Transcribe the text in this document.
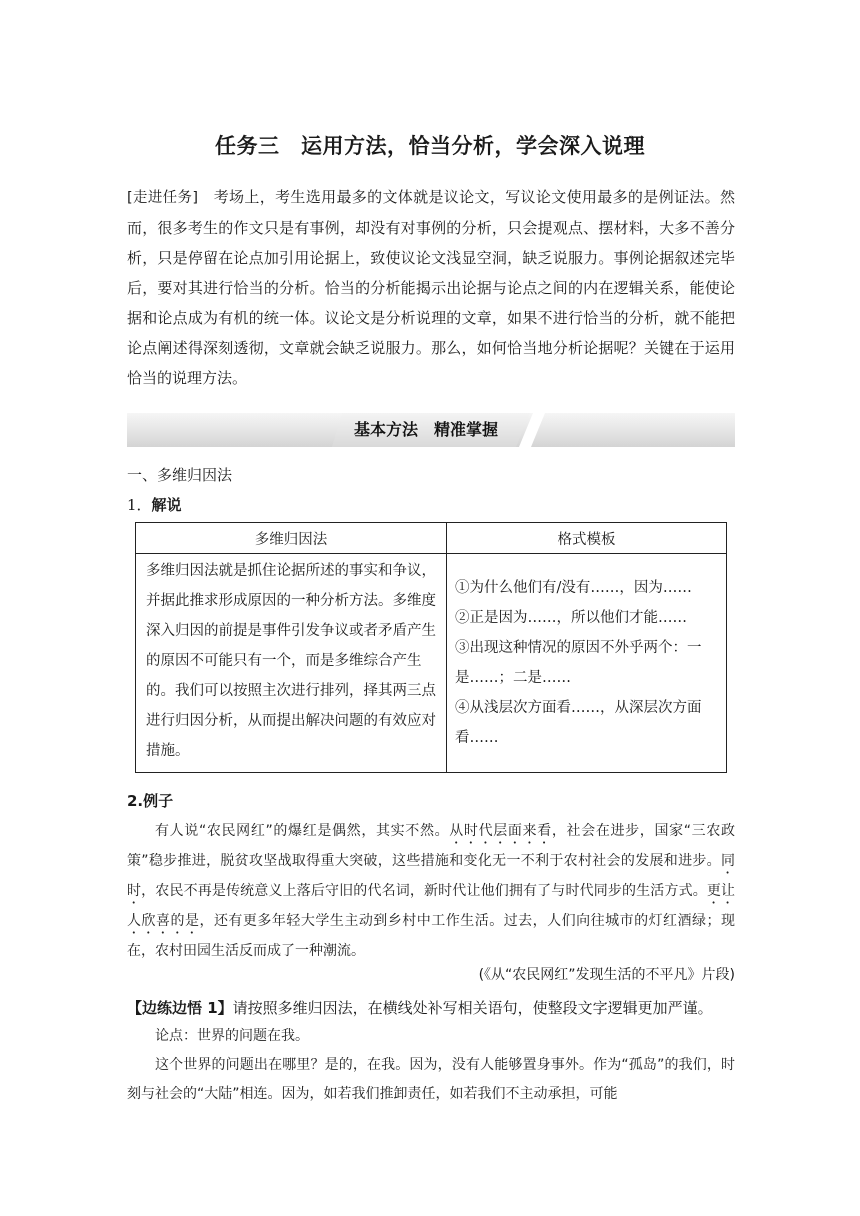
任务三　运用方法，恰当分析，学会深入说理
[走进任务]　考场上，考生选用最多的文体就是议论文，写议论文使用最多的是例证法。然而，很多考生的作文只是有事例，却没有对事例的分析，只会提观点、摆材料，大多不善分析，只是停留在论点加引用论据上，致使议论文浅显空洞，缺乏说服力。事例论据叙述完毕后，要对其进行恰当的分析。恰当的分析能揭示出论据与论点之间的内在逻辑关系，能使论据和论点成为有机的统一体。议论文是分析说理的文章，如果不进行恰当的分析，就不能把论点阐述得深刻透彻，文章就会缺乏说服力。那么，如何恰当地分析论据呢？关键在于运用恰当的说理方法。
基本方法　精准掌握
一、多维归因法
1．解说
多维归因法	格式模板
多维归因法就是抓住论据所述的事实和争议，并据此推求形成原因的一种分析方法。多维度深入归因的前提是事件引发争议或者矛盾产生的原因不可能只有一个，而是多维综合产生的。我们可以按照主次进行排列，择其两三点进行归因分析，从而提出解决问题的有效应对措施。	①为什么他们有/没有……，因为……
②正是因为……，所以他们才能……
③出现这种情况的原因不外乎两个：一是……；二是……
④从浅层次方面看……，从深层次方面看……
2.例子

有人说“农民网红”的爆红是偶然，其实不然。从时代层面来看，社会在进步，国家“三农政策”稳步推进，脱贫攻坚战取得重大突破，这些措施和变化无一不利于农村社会的发展和进步。同时，农民不再是传统意义上落后守旧的代名词，新时代让他们拥有了与时代同步的生活方式。更让人欣喜的是，还有更多年轻大学生主动到乡村中工作生活。过去，人们向往城市的灯红酒绿；现在，农村田园生活反而成了一种潮流。

(《从“农民网红”发现生活的不平凡》片段)
【边练边悟 1】请按照多维归因法，在横线处补写相关语句，使整段文字逻辑更加严谨。

论点：世界的问题在我。

这个世界的问题出在哪里？是的，在我。因为，没有人能够置身事外。作为“孤岛”的我们，时刻与社会的“大陆”相连。因为，如若我们推卸责任，如若我们不主动承担，可能
